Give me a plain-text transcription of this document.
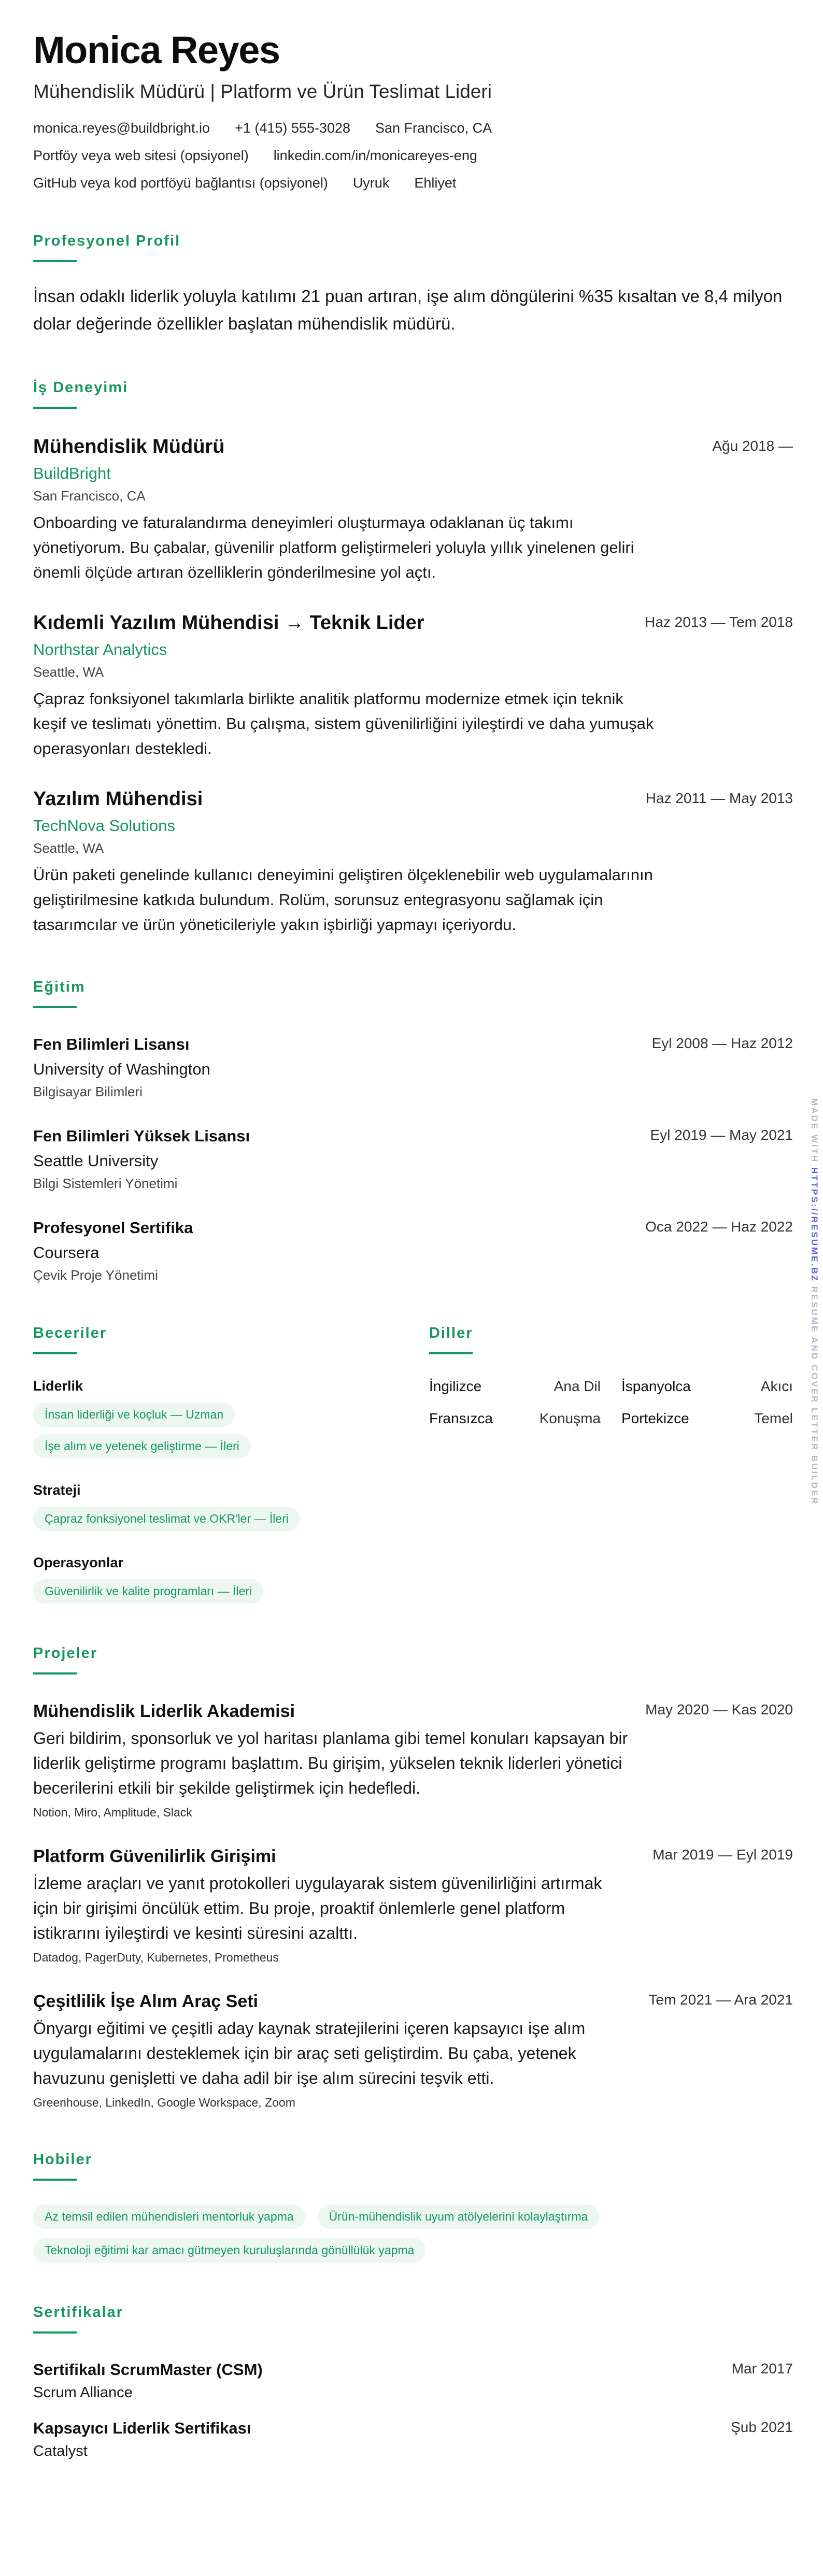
Monica Reyes
Mühendislik Müdürü | Platform ve Ürün Teslimat Lideri
monica.reyes@buildbright.io +1 (415) 555-3028 San Francisco, CA
Portföy veya web sitesi (opsiyonel) linkedin.com/in/monicareyes-eng
GitHub veya kod portföyü bağlantısı (opsiyonel) Uyruk Ehliyet
Profesyonel Profil
İnsan odaklı liderlik yoluyla katılımı 21 puan artıran, işe alım döngülerini %35 kısaltan ve 8,4 milyon dolar değerinde özellikler başlatan mühendislik müdürü.
İş Deneyimi
Mühendislik Müdürü	Ağu 2018 —
BuildBright
San Francisco, CA
Onboarding ve faturalandırma deneyimleri oluşturmaya odaklanan üç takımı yönetiyorum. Bu çabalar, güvenilir platform geliştirmeleri yoluyla yıllık yinelenen geliri önemli ölçüde artıran özelliklerin gönderilmesine yol açtı.
Kıdemli Yazılım Mühendisi → Teknik Lider	Haz 2013 — Tem 2018
Northstar Analytics
Seattle, WA
Çapraz fonksiyonel takımlarla birlikte analitik platformu modernize etmek için teknik keşif ve teslimatı yönettim. Bu çalışma, sistem güvenilirliğini iyileştirdi ve daha yumuşak operasyonları destekledi.
Yazılım Mühendisi	Haz 2011 — May 2013
TechNova Solutions
Seattle, WA
Ürün paketi genelinde kullanıcı deneyimini geliştiren ölçeklenebilir web uygulamalarının geliştirilmesine katkıda bulundum. Rolüm, sorunsuz entegrasyonu sağlamak için tasarımcılar ve ürün yöneticileriyle yakın işbirliği yapmayı içeriyordu.
Eğitim
Fen Bilimleri Lisansı	Eyl 2008 — Haz 2012
University of Washington
Bilgisayar Bilimleri
Fen Bilimleri Yüksek Lisansı	Eyl 2019 — May 2021
Seattle University
Bilgi Sistemleri Yönetimi
Profesyonel Sertifika	Oca 2022 — Haz 2022
Coursera
Çevik Proje Yönetimi
Beceriler
Liderlik
İnsan liderliği ve koçluk — Uzman
İşe alım ve yetenek geliştirme — İleri
Strateji
Çapraz fonksiyonel teslimat ve OKR'ler — İleri
Operasyonlar
Güvenilirlik ve kalite programları — İleri
Diller
İngilizce	Ana Dil İspanyolca	Akıcı
Fransızca	Konuşma Portekizce	Temel
Projeler
Mühendislik Liderlik Akademisi	May 2020 — Kas 2020
Geri bildirim, sponsorluk ve yol haritası planlama gibi temel konuları kapsayan bir liderlik geliştirme programı başlattım. Bu girişim, yükselen teknik liderleri yönetici becerilerini etkili bir şekilde geliştirmek için hedefledi.
Notion, Miro, Amplitude, Slack
Platform Güvenilirlik Girişimi	Mar 2019 — Eyl 2019
İzleme araçları ve yanıt protokolleri uygulayarak sistem güvenilirliğini artırmak için bir girişimi öncülük ettim. Bu proje, proaktif önlemlerle genel platform istikrarını iyileştirdi ve kesinti süresini azalttı.
Datadog, PagerDuty, Kubernetes, Prometheus
Çeşitlilik İşe Alım Araç Seti	Tem 2021 — Ara 2021
Önyargı eğitimi ve çeşitli aday kaynak stratejilerini içeren kapsayıcı işe alım uygulamalarını desteklemek için bir araç seti geliştirdim. Bu çaba, yetenek havuzunu genişletti ve daha adil bir işe alım sürecini teşvik etti.
Greenhouse, LinkedIn, Google Workspace, Zoom
Hobiler
Az temsil edilen mühendisleri mentorluk yapma	Ürün-mühendislik uyum atölyelerini kolaylaştırma
Teknoloji eğitimi kar amacı gütmeyen kuruluşlarında gönüllülük yapma
Sertifikalar
Sertifikalı ScrumMaster (CSM)	Mar 2017
Scrum Alliance
Kapsayıcı Liderlik Sertifikası	Şub 2021
Catalyst
MADE WITH HTTPS://RESUME.BZ RESUME AND COVER LETTER BUILDER
